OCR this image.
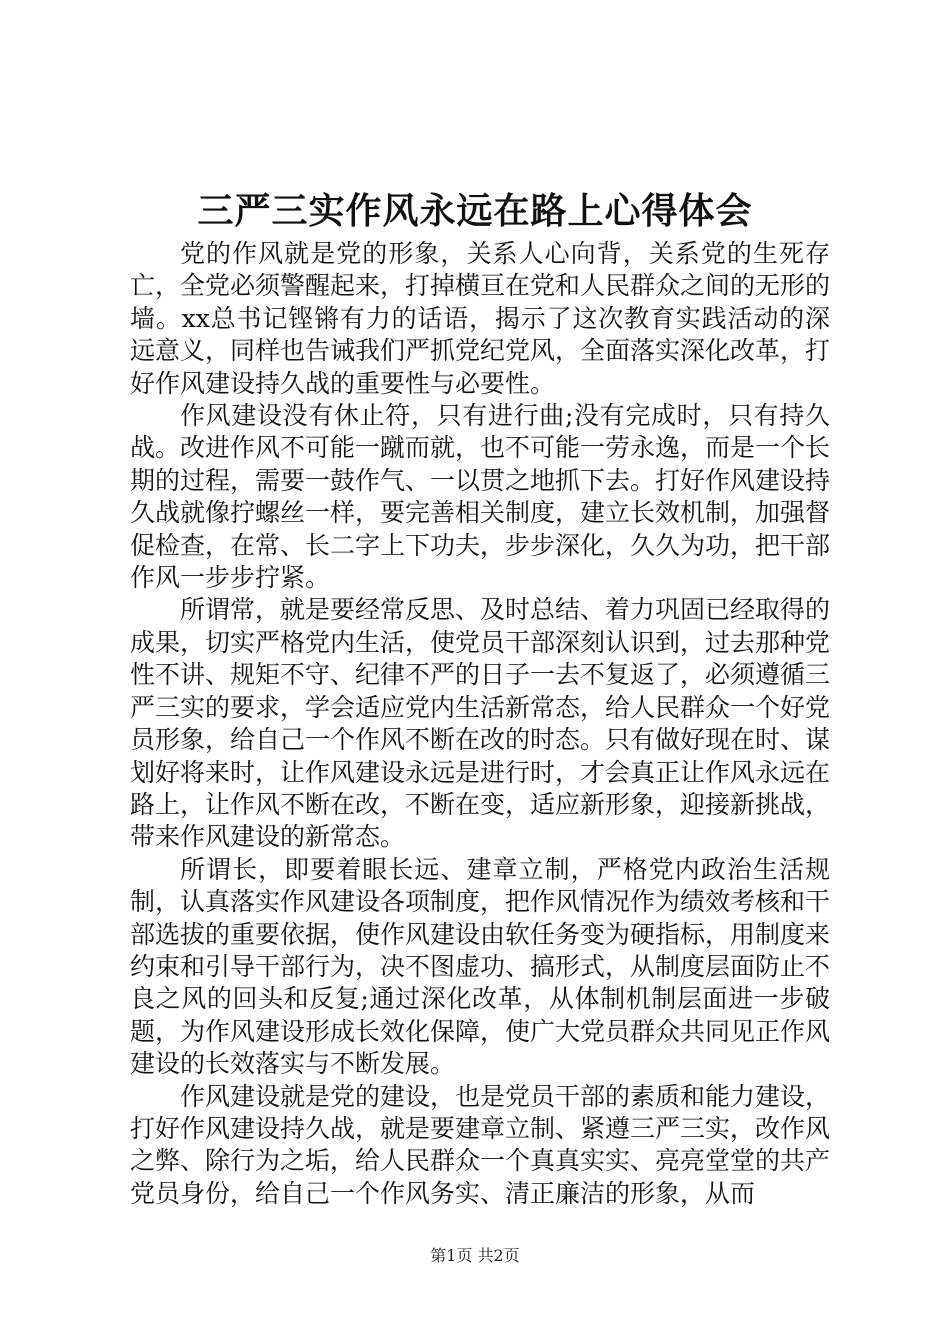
三严三实作风永远在路上心得体会

党的作风就是党的形象，关系人心向背，关系党的生死存亡，全党必须警醒起来，打掉横亘在党和人民群众之间的无形的墙。xx总书记铿锵有力的话语，揭示了这次教育实践活动的深远意义，同样也告诫我们严抓党纪党风，全面落实深化改革，打好作风建设持久战的重要性与必要性。

作风建设没有休止符，只有进行曲;没有完成时，只有持久战。改进作风不可能一蹴而就，也不可能一劳永逸，而是一个长期的过程，需要一鼓作气、一以贯之地抓下去。打好作风建设持久战就像拧螺丝一样，要完善相关制度，建立长效机制，加强督促检查，在常、长二字上下功夫，步步深化，久久为功，把干部作风一步步拧紧。

所谓常，就是要经常反思、及时总结、着力巩固已经取得的成果，切实严格党内生活，使党员干部深刻认识到，过去那种党性不讲、规矩不守、纪律不严的日子一去不复返了，必须遵循三严三实的要求，学会适应党内生活新常态，给人民群众一个好党员形象，给自己一个作风不断在改的时态。只有做好现在时、谋划好将来时，让作风建设永远是进行时，才会真正让作风永远在路上，让作风不断在改，不断在变，适应新形象，迎接新挑战，带来作风建设的新常态。

所谓长，即要着眼长远、建章立制，严格党内政治生活规制，认真落实作风建设各项制度，把作风情况作为绩效考核和干部选拔的重要依据，使作风建设由软任务变为硬指标，用制度来约束和引导干部行为，决不图虚功、搞形式，从制度层面防止不良之风的回头和反复;通过深化改革，从体制机制层面进一步破题，为作风建设形成长效化保障，使广大党员群众共同见正作风建设的长效落实与不断发展。

作风建设就是党的建设，也是党员干部的素质和能力建设，打好作风建设持久战，就是要建章立制、紧遵三严三实，改作风之弊、除行为之垢，给人民群众一个真真实实、亮亮堂堂的共产党员身份，给自己一个作风务实、清正廉洁的形象，从而

第1页 共2页
